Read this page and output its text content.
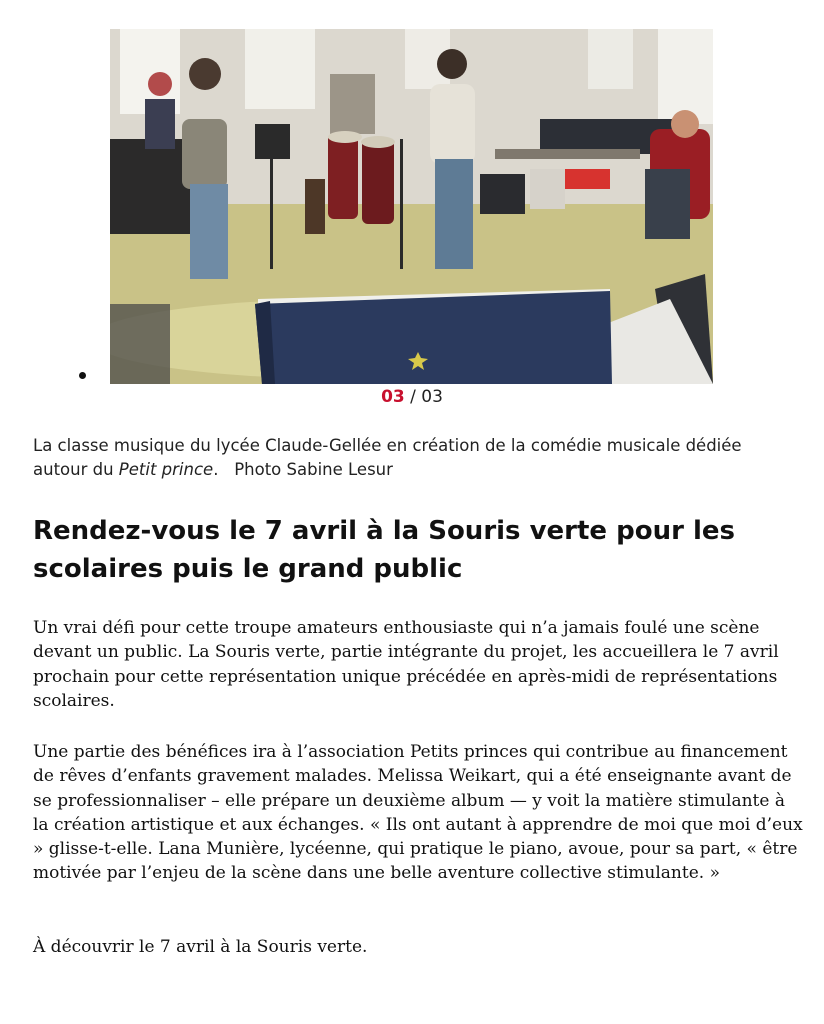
03 / 03
La classe musique du lycée Claude-Gellée en création de la comédie musicale dédiée autour du Petit prince. Photo Sabine Lesur
Rendez-vous le 7 avril à la Souris verte pour les scolaires puis le grand public

Un vrai défi pour cette troupe amateurs enthousiaste qui n’a jamais foulé une scène devant un public. La Souris verte, partie intégrante du projet, les accueillera le 7 avril prochain pour cette représentation unique précédée en après-midi de représentations scolaires.

Une partie des bénéfices ira à l’association Petits princes qui contribue au financement de rêves d’enfants gravement malades. Melissa Weikart, qui a été enseignante avant de se professionnaliser – elle prépare un deuxième album — y voit la matière stimulante à la création artistique et aux échanges. « Ils ont autant à apprendre de moi que moi d’eux » glisse-t-elle. Lana Munière, lycéenne, qui pratique le piano, avoue, pour sa part, « être motivée par l’enjeu de la scène dans une belle aventure collective stimulante. »

À découvrir le 7 avril à la Souris verte.
